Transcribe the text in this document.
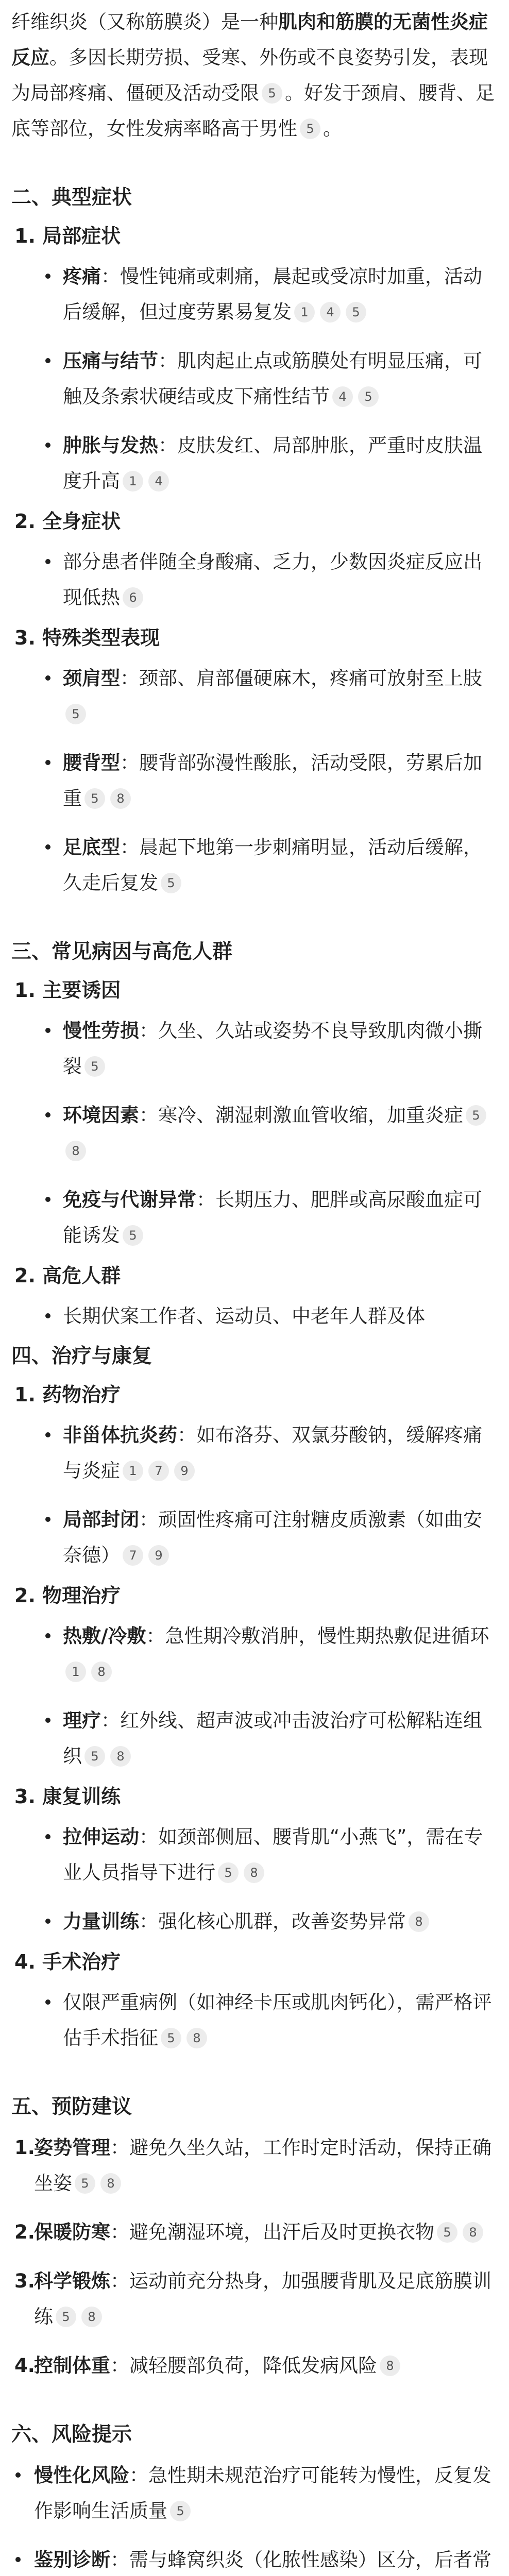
纤维织炎（又称筋膜炎）是一种肌肉和筋膜的无菌性炎症反应。多因长期劳损、受寒、外伤或不良姿势引发，表现为局部疼痛、僵硬及活动受限 5 。好发于颈肩、腰背、足底等部位，女性发病率略高于男性 5 。

二、典型症状
1. 局部症状
疼痛：慢性钝痛或刺痛，晨起或受凉时加重，活动后缓解，但过度劳累易复发 1 4 5
压痛与结节：肌肉起止点或筋膜处有明显压痛，可触及条索状硬结或皮下痛性结节 4 5
肿胀与发热：皮肤发红、局部肿胀，严重时皮肤温度升高 1 4
2. 全身症状
部分患者伴随全身酸痛、乏力，少数因炎症反应出现低热 6
3. 特殊类型表现
颈肩型：颈部、肩部僵硬麻木，疼痛可放射至上肢5
腰背型：腰背部弥漫性酸胀，活动受限，劳累后加重 5 8
足底型：晨起下地第一步刺痛明显，活动后缓解，久走后复发 5
三、常见病因与高危人群
1. 主要诱因
慢性劳损：久坐、久站或姿势不良导致肌肉微小撕裂 5
环境因素：寒冷、潮湿刺激血管收缩，加重炎症 58
免疫与代谢异常：长期压力、肥胖或高尿酸血症可能诱发 5
2. 高危人群
长期伏案工作者、运动员、中老年人群及体
四、治疗与康复
1. 药物治疗
非甾体抗炎药：如布洛芬、双氯芬酸钠，缓解疼痛与炎症 1 7 9
局部封闭：顽固性疼痛可注射糖皮质激素（如曲安奈德） 7 9
2. 物理治疗
热敷/冷敷：急性期冷敷消肿，慢性期热敷促进循环1 8
理疗：红外线、超声波或冲击波治疗可松解粘连组织 5 8
3. 康复训练
拉伸运动：如颈部侧屈、腰背肌“小燕飞”，需在专业人员指导下进行 5 8
力量训练：强化核心肌群，改善姿势异常 8
4. 手术治疗
仅限严重病例（如神经卡压或肌肉钙化），需严格评估手术指征 5 8
五、预防建议
1.
姿势管理：避免久坐久站，工作时定时活动，保持正确坐姿 5 8
2.
保暖防寒：避免潮湿环境，出汗后及时更换衣物 5 8
3.
科学锻炼：运动前充分热身，加强腰背肌及足底筋膜训练 5 8
4.
控制体重：减轻腰部负荷，降低发病风险 8
六、风险提示
慢性化风险：急性期未规范治疗可能转为慢性，反复发作影响生活质量 5
鉴别诊断：需与蜂窝织炎（化脓性感染）区分，后者常
